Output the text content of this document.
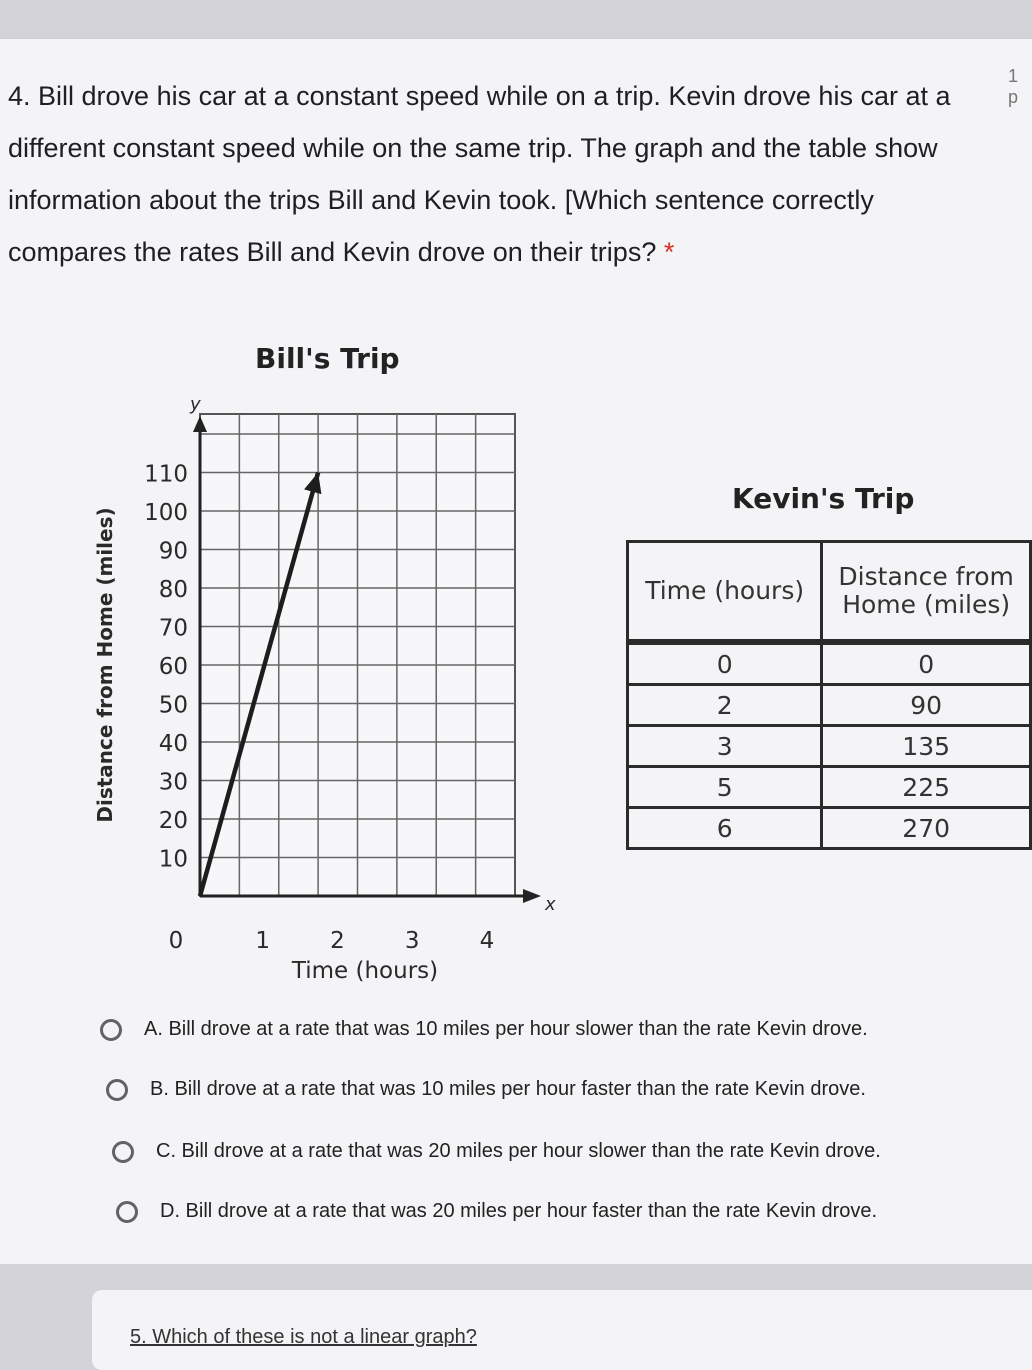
1 p
4. Bill drove his car at a constant speed while on a trip. Kevin drove his car at a different constant speed while on the same trip. The graph and the table show information about the trips Bill and Kevin took. [Which sentence correctly compares the rates Bill and Kevin drove on their trips? *
Bill's Trip
y
x
110
100
90
80
70
60
50
40
30
20
10
0	1	2	3	4
Distance from Home (miles)
Time (hours)
Kevin's Trip
Time (hours)	Distance from Home (miles)
0	0
2	90
3	135
5	225
6	270
A. Bill drove at a rate that was 10 miles per hour slower than the rate Kevin drove.
B. Bill drove at a rate that was 10 miles per hour faster than the rate Kevin drove.
C. Bill drove at a rate that was 20 miles per hour slower than the rate Kevin drove.
D. Bill drove at a rate that was 20 miles per hour faster than the rate Kevin drove.
5. Which of these is not a linear graph?
